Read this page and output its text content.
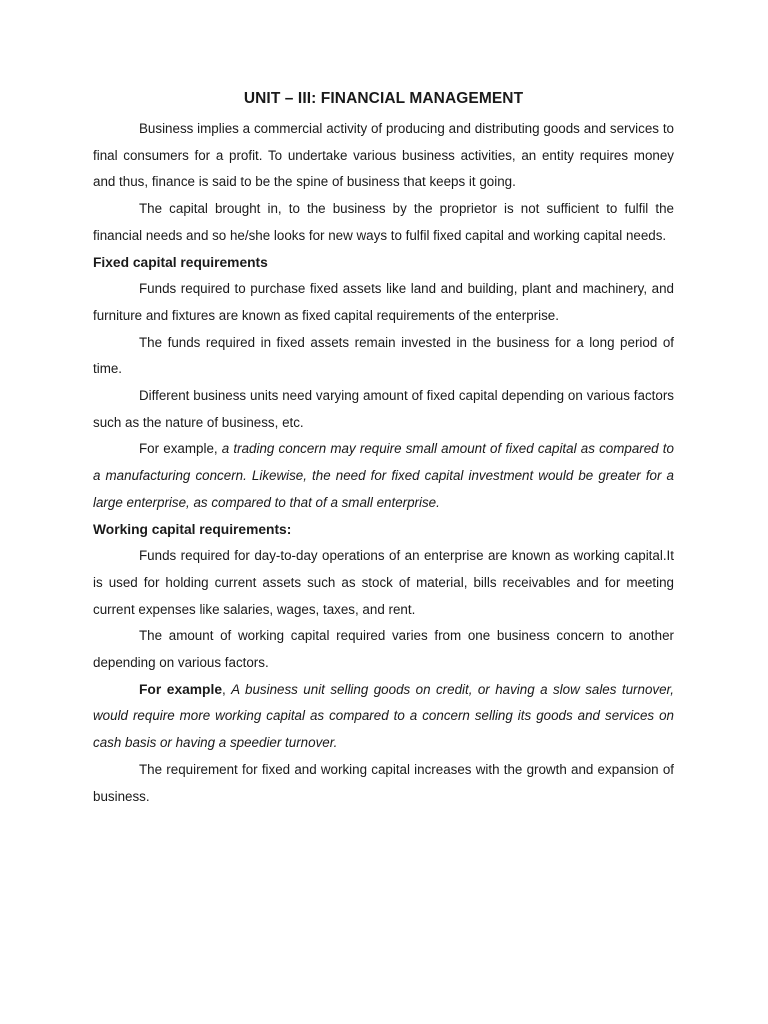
UNIT – III: FINANCIAL MANAGEMENT

Business implies a commercial activity of producing and distributing goods and services to final consumers for a profit. To undertake various business activities, an entity requires money and thus, finance is said to be the spine of business that keeps it going.

The capital brought in, to the business by the proprietor is not sufficient to fulfil the financial needs and so he/she looks for new ways to fulfil fixed capital and working capital needs.

Fixed capital requirements

Funds required to purchase fixed assets like land and building, plant and machinery, and furniture and fixtures are known as fixed capital requirements of the enterprise.

The funds required in fixed assets remain invested in the business for a long period of time.

Different business units need varying amount of fixed capital depending on various factors such as the nature of business, etc.

For example, a trading concern may require small amount of fixed capital as compared to a manufacturing concern. Likewise, the need for fixed capital investment would be greater for a large enterprise, as compared to that of a small enterprise.

Working capital requirements:

Funds required for day-to-day operations of an enterprise are known as working capital.It is used for holding current assets such as stock of material, bills receivables and for meeting current expenses like salaries, wages, taxes, and rent.

The amount of working capital required varies from one business concern to another depending on various factors.

For example, A business unit selling goods on credit, or having a slow sales turnover, would require more working capital as compared to a concern selling its goods and services on cash basis or having a speedier turnover.

The requirement for fixed and working capital increases with the growth and expansion of business.
